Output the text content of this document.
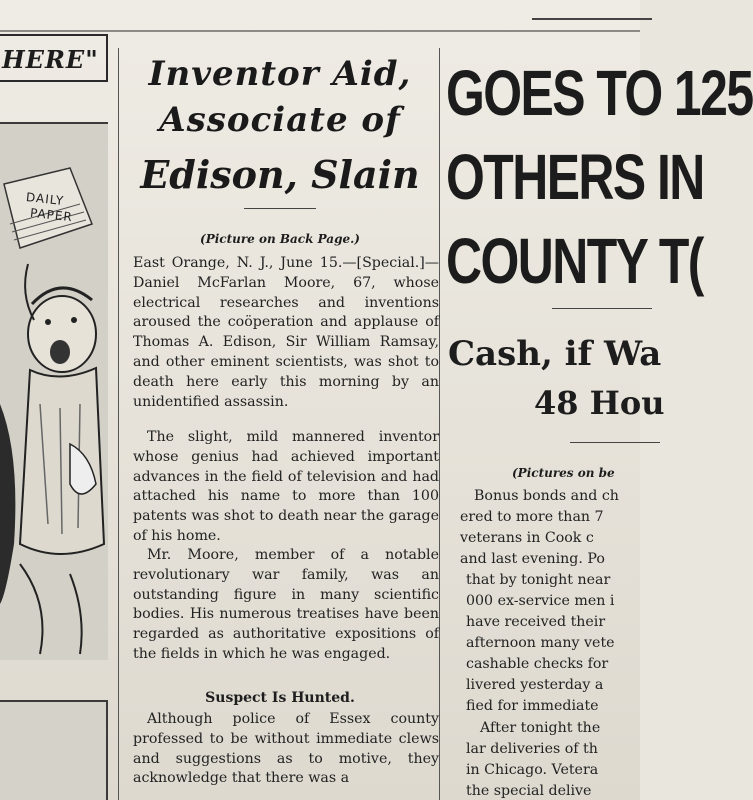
HERE"
DAILY
PAPER
Inventor Aid,
Associate of
Edison, Slain
(Picture on Back Page.)
East Orange, N. J., June 15.—[Special.]—Daniel McFarlan Moore, 67, whose electrical researches and inventions aroused the coöperation and applause of Thomas A. Edison, Sir William Ramsay, and other eminent scientists, was shot to death here early this morning by an unidentified assassin.
The slight, mild mannered inventor whose genius had achieved important advances in the field of television and had attached his name to more than 100 patents was shot to death near the garage of his home.
Mr. Moore, member of a notable revolutionary war family, was an outstanding figure in many scientific bodies. His numerous treatises have been regarded as authoritative expositions of the fields in which he was engaged.
Suspect Is Hunted.
Although police of Essex county professed to be without immediate clews and suggestions as to motive, they acknowledge that there was a
GOES TO 125
OTHERS IN
COUNTY T(
Cash, if Wa
48 Hou
(Pictures on be
Bonus bonds and ch
ered to more than 7
veterans in Cook c
and last evening. Po
that by tonight near
000 ex-service men i
have received their
afternoon many vete
cashable checks for
livered yesterday a
fied for immediate
After tonight the
lar deliveries of th
in Chicago. Vetera
the special delive
